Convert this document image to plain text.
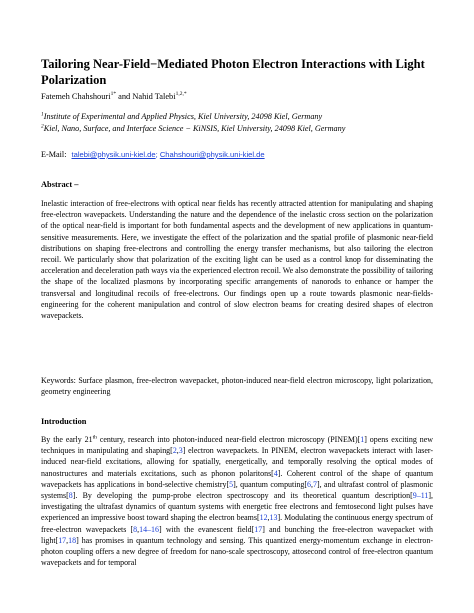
Tailoring Near-Field−Mediated Photon Electron Interactions with Light Polarization
Fatemeh Chahshouri$^{1*}$ and Nahid Talebi$^{1,2,*}$
$^1$Institute of Experimental and Applied Physics, Kiel University, 24098 Kiel, Germany
$^2$Kiel, Nano, Surface, and Interface Science − KiNSIS, Kiel University, 24098 Kiel, Germany
E-Mail: talebi@physik.uni-kiel.de; Chahshouri@physik.uni-kiel.de
Abstract –
Inelastic interaction of free-electrons with optical near fields has recently attracted attention for manipulating and shaping free-electron wavepackets. Understanding the nature and the dependence of the inelastic cross section on the polarization of the optical near-field is important for both fundamental aspects and the development of new applications in quantum-sensitive measurements. Here, we investigate the effect of the polarization and the spatial profile of plasmonic near-field distributions on shaping free-electrons and controlling the energy transfer mechanisms, but also tailoring the electron recoil. We particularly show that polarization of the exciting light can be used as a control knop for disseminating the acceleration and deceleration path ways via the experienced electron recoil. We also demonstrate the possibility of tailoring the shape of the localized plasmons by incorporating specific arrangements of nanorods to enhance or hamper the transversal and longitudinal recoils of free-electrons. Our findings open up a route towards plasmonic near-fields-engineering for the coherent manipulation and control of slow electron beams for creating desired shapes of electron wavepackets.
Keywords: Surface plasmon, free-electron wavepacket, photon-induced near-field electron microscopy, light polarization, geometry engineering
Introduction
By the early 21th century, research into photon-induced near-field electron microscopy (PINEM)[1] opens exciting new techniques in manipulating and shaping[2,3] electron wavepackets. In PINEM, electron wavepackets interact with laser-induced near-field excitations, allowing for spatially, energetically, and temporally resolving the optical modes of nanostructures and materials excitations, such as phonon polaritons[4]. Coherent control of the shape of quantum wavepackets has applications in bond-selective chemistry[5], quantum computing[6,7], and ultrafast control of plasmonic systems[8]. By developing the pump-probe electron spectroscopy and its theoretical quantum description[9–11], investigating the ultrafast dynamics of quantum systems with energetic free electrons and femtosecond light pulses have experienced an impressive boost toward shaping the electron beams[12,13]. Modulating the continuous energy spectrum of free-electron wavepackets [8,14–16] with the evanescent field[17] and bunching the free-electron wavepacket with light[17,18] has promises in quantum technology and sensing. This quantized energy-momentum exchange in electron-photon coupling offers a new degree of freedom for nano-scale spectroscopy, attosecond control of free-electron quantum wavepackets and for temporal
